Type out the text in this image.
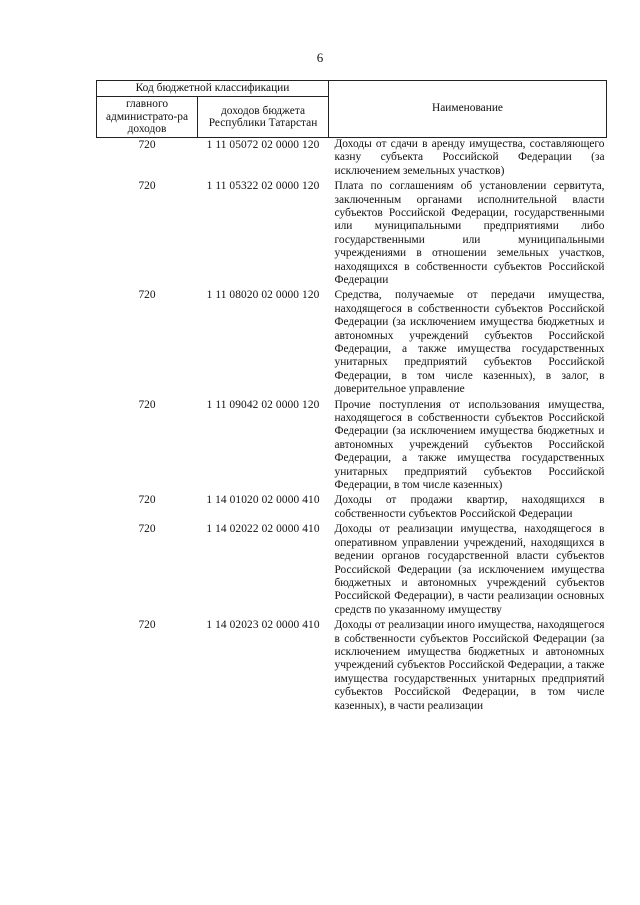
6
Код бюджетной классификации		Наименование
главного администрато-ра доходов	доходов бюджета Республики Татарстан	
720	1 11 05072 02 0000 120	Доходы от сдачи в аренду имущества, составляющего казну субъекта Российской Федерации (за исключением земельных участков)
720	1 11 05322 02 0000 120	Плата по соглашениям об установлении сервитута, заключенным органами исполнительной власти субъектов Российской Федерации, государственными или муниципальными предприятиями либо государственными или муниципальными учреждениями в отношении земельных участков, находящихся в собственности субъектов Российской Федерации
720	1 11 08020 02 0000 120	Средства, получаемые от передачи имущества, находящегося в собственности субъектов Российской Федерации (за исключением имущества бюджетных и автономных учреждений субъектов Российской Федерации, а также имущества государственных унитарных предприятий субъектов Российской Федерации, в том числе казенных), в залог, в доверительное управление
720	1 11 09042 02 0000 120	Прочие поступления от использования имущества, находящегося в собственности субъектов Российской Федерации (за исключением имущества бюджетных и автономных учреждений субъектов Российской Федерации, а также имущества государственных унитарных предприятий субъектов Российской Федерации, в том числе казенных)
720	1 14 01020 02 0000 410	Доходы от продажи квартир, находящихся в собственности субъектов Российской Федерации
720	1 14 02022 02 0000 410	Доходы от реализации имущества, находящегося в оперативном управлении учреждений, находящихся в ведении органов государственной власти субъектов Российской Федерации (за исключением имущества бюджетных и автономных учреждений субъектов Российской Федерации), в части реализации основных средств по указанному имуществу
720	1 14 02023 02 0000 410	Доходы от реализации иного имущества, находящегося в собственности субъектов Российской Федерации (за исключением имущества бюджетных и автономных учреждений субъектов Российской Федерации, а также имущества государственных унитарных предприятий субъектов Российской Федерации, в том числе казенных), в части реализации
